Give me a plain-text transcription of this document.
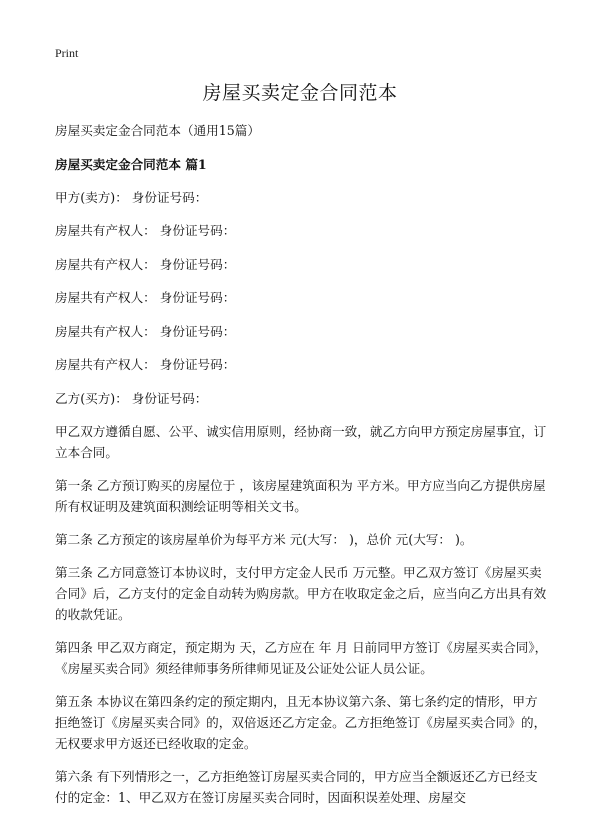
Print
房屋买卖定金合同范本

房屋买卖定金合同范本（通用15篇）

房屋买卖定金合同范本 篇1

甲方(卖方)： 身份证号码：

房屋共有产权人： 身份证号码：

房屋共有产权人： 身份证号码：

房屋共有产权人： 身份证号码：

房屋共有产权人： 身份证号码：

房屋共有产权人： 身份证号码：

乙方(买方)： 身份证号码：

甲乙双方遵循自愿、公平、诚实信用原则，经协商一致，就乙方向甲方预定房屋事宜，订立本合同。

第一条 乙方预订购买的房屋位于 ，该房屋建筑面积为 平方米。甲方应当向乙方提供房屋所有权证明及建筑面积测绘证明等相关文书。

第二条 乙方预定的该房屋单价为每平方米 元(大写： )，总价 元(大写： )。

第三条 乙方同意签订本协议时，支付甲方定金人民币 万元整。甲乙双方签订《房屋买卖合同》后，乙方支付的定金自动转为购房款。甲方在收取定金之后，应当向乙方出具有效的收款凭证。

第四条 甲乙双方商定，预定期为 天，乙方应在 年 月 日前同甲方签订《房屋买卖合同》，《房屋买卖合同》须经律师事务所律师见证及公证处公证人员公证。

第五条 本协议在第四条约定的预定期内，且无本协议第六条、第七条约定的情形，甲方拒绝签订《房屋买卖合同》的，双倍返还乙方定金。乙方拒绝签订《房屋买卖合同》的，无权要求甲方返还已经收取的定金。

第六条 有下列情形之一，乙方拒绝签订房屋买卖合同的，甲方应当全额返还乙方已经支付的定金：1、甲乙双方在签订房屋买卖合同时，因面积误差处理、房屋交
